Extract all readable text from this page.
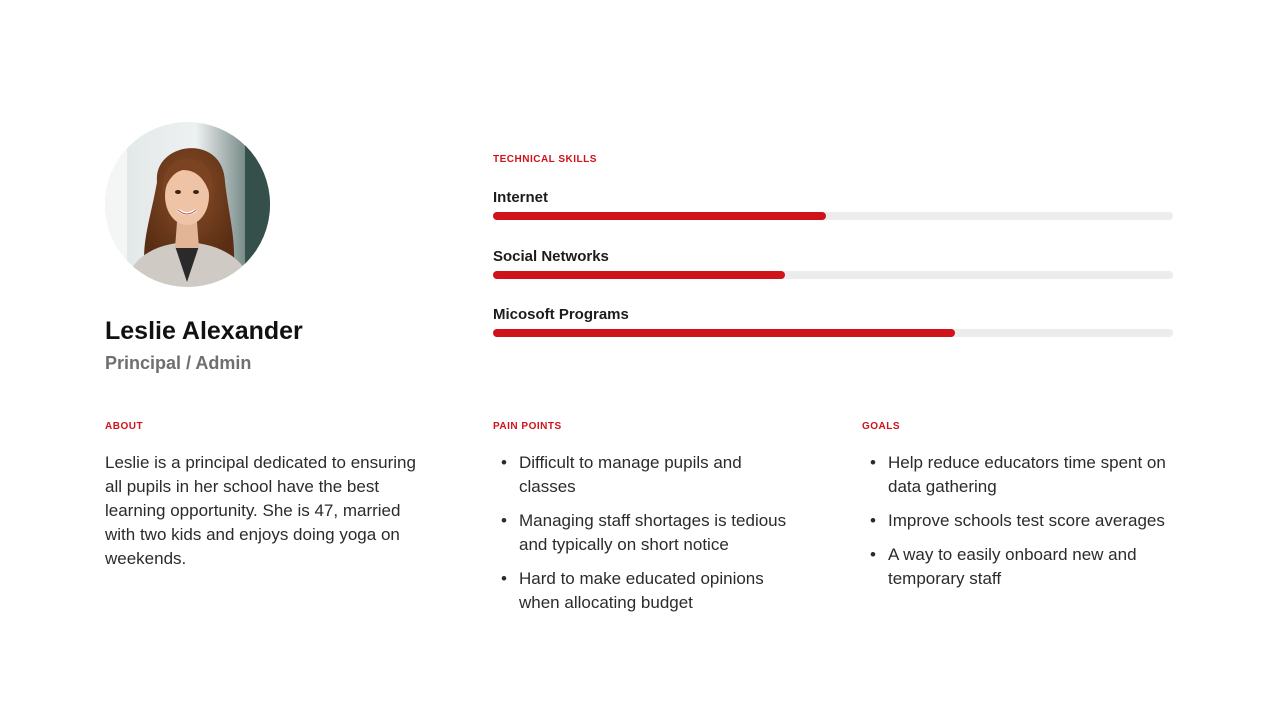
Leslie Alexander
Principal / Admin
TECHNICAL SKILLS
Internet
Social Networks
Micosoft Programs
ABOUT

Leslie is a principal dedicated to ensuring all pupils in her school have the best learning opportunity. She is 47, married with two kids and enjoys doing yoga on weekends.

PAIN POINTS
• Difficult to manage pupils and classes
• Managing staff shortages is tedious and typically on short notice
• Hard to make educated opinions when allocating budget
GOALS
• Help reduce educators time spent on data gathering
• Improve schools test score averages
• A way to easily onboard new and temporary staff
